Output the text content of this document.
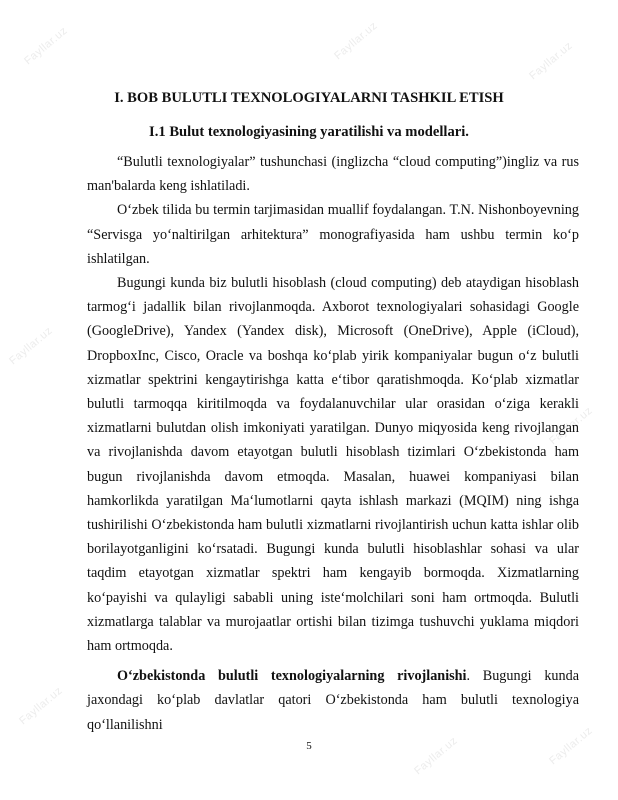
Fayllar.uz	Fayllar.uz	Fayllar.uz
Fayllar.uz
Fayllar.uz
Fayllar.uz
Fayllar.uz	Fayllar.uz
I. BOB BULUTLI TEXNOLOGIYALARNI TASHKIL ETISH
I.1 Bulut texnologiyasining yaratilishi va modellari.

“Bulutli texnologiyalar” tushunchasi (inglizcha “cloud computing”)ingliz va rus man'balarda keng ishlatiladi.

O‘zbek tilida bu termin tarjimasidan muallif foydalangan. T.N. Nishonboyevning “Servisga yo‘naltirilgan arhitektura” monografiyasida ham ushbu termin ko‘p ishlatilgan.

Bugungi kunda biz bulutli hisoblash (cloud computing) deb ataydigan hisoblash tarmog‘i jadallik bilan rivojlanmoqda. Axborot texnologiyalari sohasidagi Google (GoogleDrive), Yandex (Yandex disk), Microsoft (OneDrive), Apple (iCloud), DropboxInc, Cisco, Oracle va boshqa ko‘plab yirik kompaniyalar bugun o‘z bulutli xizmatlar spektrini kengaytirishga katta e‘tibor qaratishmoqda. Ko‘plab xizmatlar bulutli tarmoqqa kiritilmoqda va foydalanuvchilar ular orasidan o‘ziga kerakli xizmatlarni bulutdan olish imkoniyati yaratilgan. Dunyo miqyosida keng rivojlangan va rivojlanishda davom etayotgan bulutli hisoblash tizimlari O‘zbekistonda ham bugun rivojlanishda davom etmoqda. Masalan, huawei kompaniyasi bilan hamkorlikda yaratilgan Ma‘lumotlarni qayta ishlash markazi (MQIM) ning ishga tushirilishi O‘zbekistonda ham bulutli xizmatlarni rivojlantirish uchun katta ishlar olib borilayotganligini ko‘rsatadi. Bugungi kunda bulutli hisoblashlar sohasi va ular taqdim etayotgan xizmatlar spektri ham kengayib bormoqda. Xizmatlarning ko‘payishi va qulayligi sababli uning iste‘molchilari soni ham ortmoqda. Bulutli xizmatlarga talablar va murojaatlar ortishi bilan tizimga tushuvchi yuklama miqdori ham ortmoqda.

O‘zbekistonda bulutli texnologiyalarning rivojlanishi. Bugungi kunda jaxondagi ko‘plab davlatlar qatori O‘zbekistonda ham bulutli texnologiya qo‘llanilishni

5
